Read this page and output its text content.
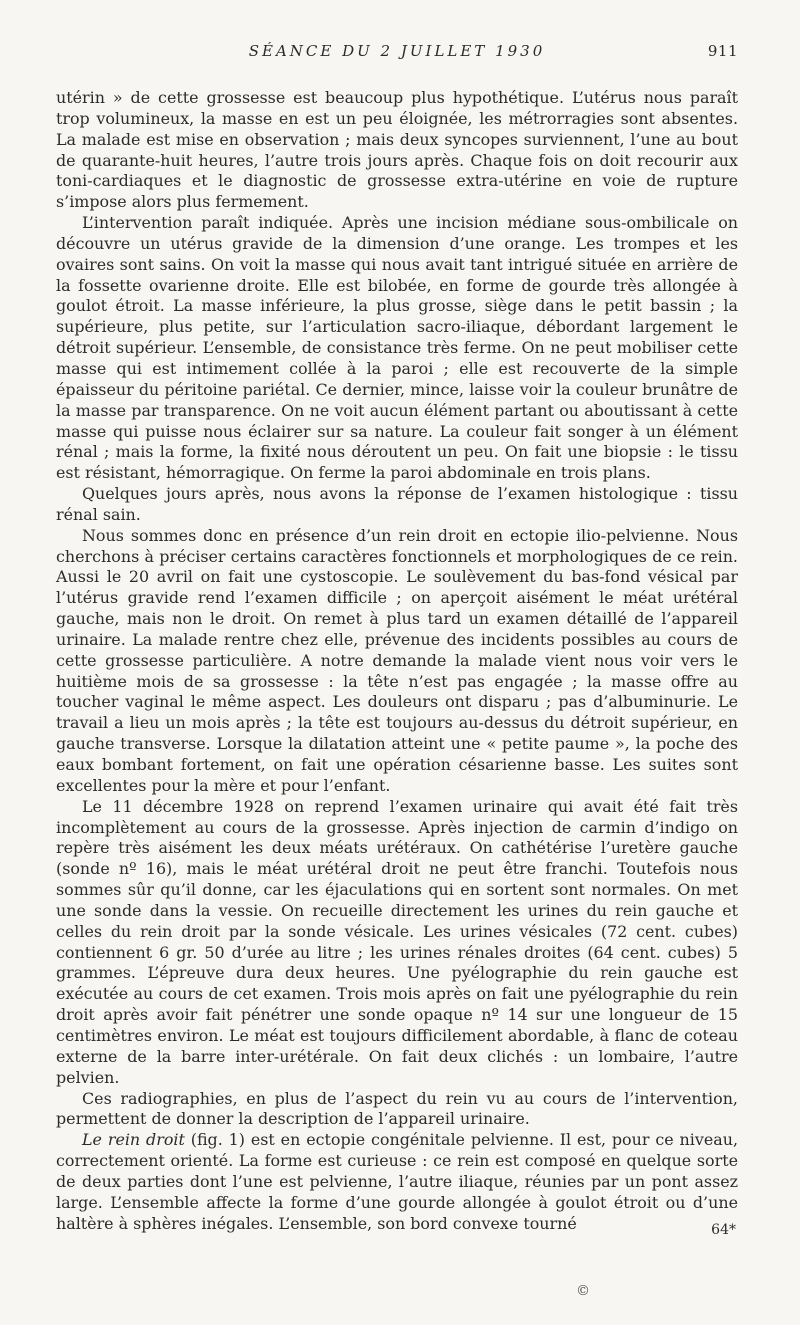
SÉANCE DU 2 JUILLET 1930	911

utérin » de cette grossesse est beaucoup plus hypothétique. L’utérus nous paraît trop volumineux, la masse en est un peu éloignée, les métrorragies sont absentes. La malade est mise en observation ; mais deux syncopes surviennent, l’une au bout de quarante-huit heures, l’autre trois jours après. Chaque fois on doit recourir aux toni-cardiaques et le diagnostic de grossesse extra-utérine en voie de rupture s’impose alors plus fermement.

L’intervention paraît indiquée. Après une incision médiane sous-ombilicale on découvre un utérus gravide de la dimension d’une orange. Les trompes et les ovaires sont sains. On voit la masse qui nous avait tant intrigué située en arrière de la fossette ovarienne droite. Elle est bilobée, en forme de gourde très allongée à goulot étroit. La masse inférieure, la plus grosse, siège dans le petit bassin ; la supérieure, plus petite, sur l’articulation sacro-iliaque, débordant largement le détroit supérieur. L’ensemble, de consistance très ferme. On ne peut mobiliser cette masse qui est intimement collée à la paroi ; elle est recouverte de la simple épaisseur du péritoine pariétal. Ce dernier, mince, laisse voir la couleur brunâtre de la masse par transparence. On ne voit aucun élément partant ou aboutissant à cette masse qui puisse nous éclairer sur sa nature. La couleur fait songer à un élément rénal ; mais la forme, la fixité nous déroutent un peu. On fait une biopsie : le tissu est résistant, hémorragique. On ferme la paroi abdominale en trois plans.

Quelques jours après, nous avons la réponse de l’examen histologique : tissu rénal sain.

Nous sommes donc en présence d’un rein droit en ectopie ilio-pelvienne. Nous cherchons à préciser certains caractères fonctionnels et morphologiques de ce rein. Aussi le 20 avril on fait une cystoscopie. Le soulèvement du bas-fond vésical par l’utérus gravide rend l’examen difficile ; on aperçoit aisément le méat urétéral gauche, mais non le droit. On remet à plus tard un examen détaillé de l’appareil urinaire. La malade rentre chez elle, prévenue des incidents possibles au cours de cette grossesse particulière. A notre demande la malade vient nous voir vers le huitième mois de sa grossesse : la tête n’est pas engagée ; la masse offre au toucher vaginal le même aspect. Les douleurs ont disparu ; pas d’albuminurie. Le travail a lieu un mois après ; la tête est toujours au-dessus du détroit supérieur, en gauche transverse. Lorsque la dilatation atteint une « petite paume », la poche des eaux bombant fortement, on fait une opération césarienne basse. Les suites sont excellentes pour la mère et pour l’enfant.

Le 11 décembre 1928 on reprend l’examen urinaire qui avait été fait très incomplètement au cours de la grossesse. Après injection de carmin d’indigo on repère très aisément les deux méats urétéraux. On cathétérise l’uretère gauche (sonde nº 16), mais le méat urétéral droit ne peut être franchi. Toutefois nous sommes sûr qu’il donne, car les éjaculations qui en sortent sont normales. On met une sonde dans la vessie. On recueille directement les urines du rein gauche et celles du rein droit par la sonde vésicale. Les urines vésicales (72 cent. cubes) contiennent 6 gr. 50 d’urée au litre ; les urines rénales droites (64 cent. cubes) 5 grammes. L’épreuve dura deux heures. Une pyélographie du rein gauche est exécutée au cours de cet examen. Trois mois après on fait une pyélographie du rein droit après avoir fait pénétrer une sonde opaque nº 14 sur une longueur de 15 centimètres environ. Le méat est toujours difficilement abordable, à flanc de coteau externe de la barre inter-urétérale. On fait deux clichés : un lombaire, l’autre pelvien.

Ces radiographies, en plus de l’aspect du rein vu au cours de l’intervention, permettent de donner la description de l’appareil urinaire.

Le rein droit (fig. 1) est en ectopie congénitale pelvienne. Il est, pour ce niveau, correctement orienté. La forme est curieuse : ce rein est composé en quelque sorte de deux parties dont l’une est pelvienne, l’autre iliaque, réunies par un pont assez large. L’ensemble affecte la forme d’une gourde allongée à goulot étroit ou d’une haltère à sphères inégales. L’ensemble, son bord convexe tourné	64*
©
